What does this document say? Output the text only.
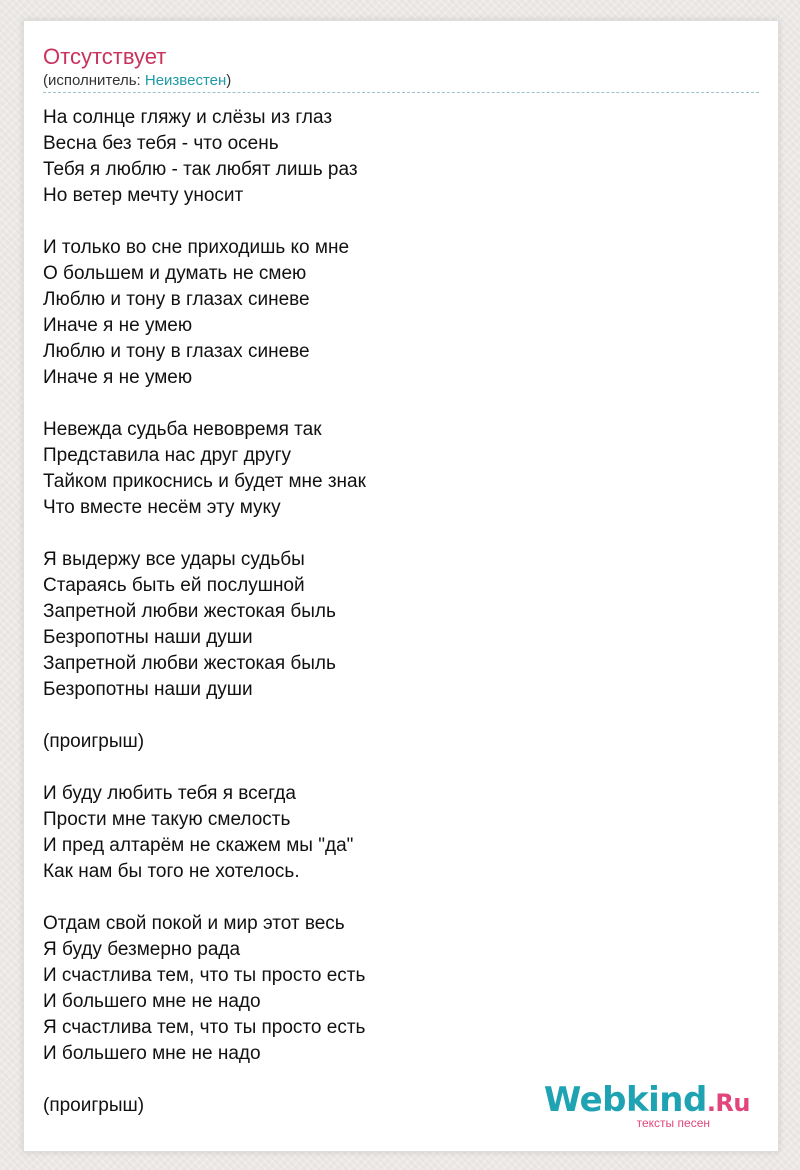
Отсутствует
(исполнитель: Неизвестен)
На солнце гляжу и слёзы из глаз
Весна без тебя - что осень
Тебя я люблю - так любят лишь раз
Но ветер мечту уносит
И только во сне приходишь ко мне
О большем и думать не смею
Люблю и тону в глазах синеве
Иначе я не умею
Люблю и тону в глазах синеве
Иначе я не умею
Невежда судьба невовремя так
Представила нас друг другу
Тайком прикоснись и будет мне знак
Что вместе несём эту муку
Я выдержу все удары судьбы
Стараясь быть ей послушной
Запретной любви жестокая быль
Безропотны наши души
Запретной любви жестокая быль
Безропотны наши души
(проигрыш)
И буду любить тебя я всегда
Прости мне такую смелость
И пред алтарём не скажем мы "да"
Как нам бы того не хотелось.
Отдам свой покой и мир этот весь
Я буду безмерно рада
И счастлива тем, что ты просто есть
И большего мне не надо
Я счастлива тем, что ты просто есть
И большего мне не надо
(проигрыш)	Webkind.Ru
тексты песен
